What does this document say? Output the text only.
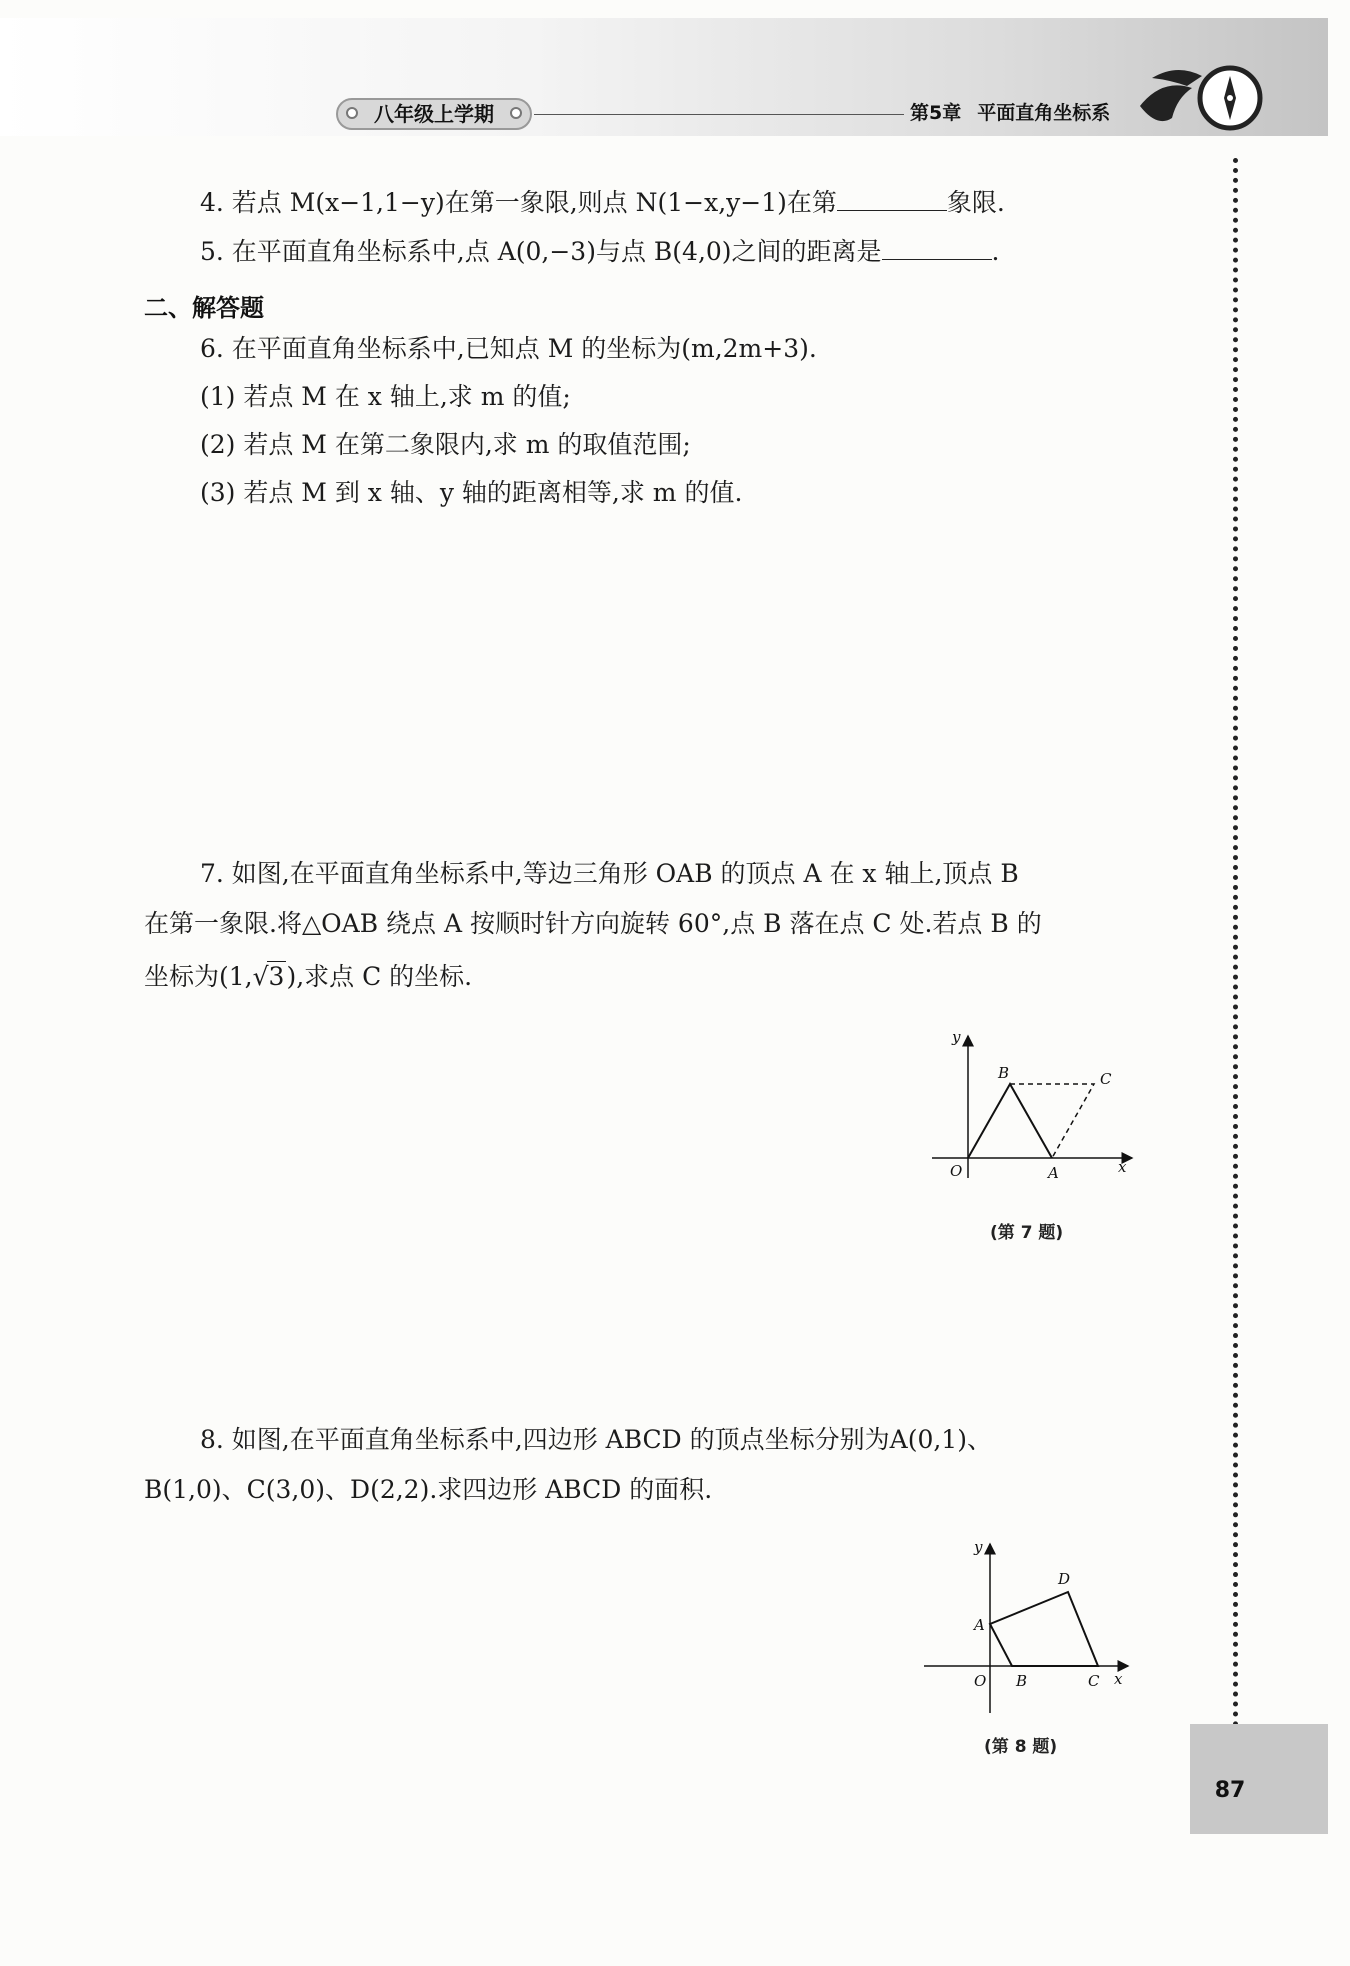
八年级上学期	第5章 平面直角坐标系
4. 若点 M(x−1,1−y)在第一象限,则点 N(1−x,y−1)在第	象限.
5. 在平面直角坐标系中,点 A(0,−3)与点 B(4,0)之间的距离是	.
二、解答题
6. 在平面直角坐标系中,已知点 M 的坐标为(m,2m+3).
(1) 若点 M 在 x 轴上,求 m 的值;
(2) 若点 M 在第二象限内,求 m 的取值范围;
(3) 若点 M 到 x 轴、y 轴的距离相等,求 m 的值.
7. 如图,在平面直角坐标系中,等边三角形 OAB 的顶点 A 在 x 轴上,顶点 B
在第一象限.将△OAB 绕点 A 按顺时针方向旋转 60°,点 B 落在点 C 处.若点 B 的
坐标为(1,√3),求点 C 的坐标.
y
x
O	A
B	C
(第 7 题)
8. 如图,在平面直角坐标系中,四边形 ABCD 的顶点坐标分别为A(0,1)、
B(1,0)、C(3,0)、D(2,2).求四边形 ABCD 的面积.
y
x
O
A
B	C
D
(第 8 题)
87
